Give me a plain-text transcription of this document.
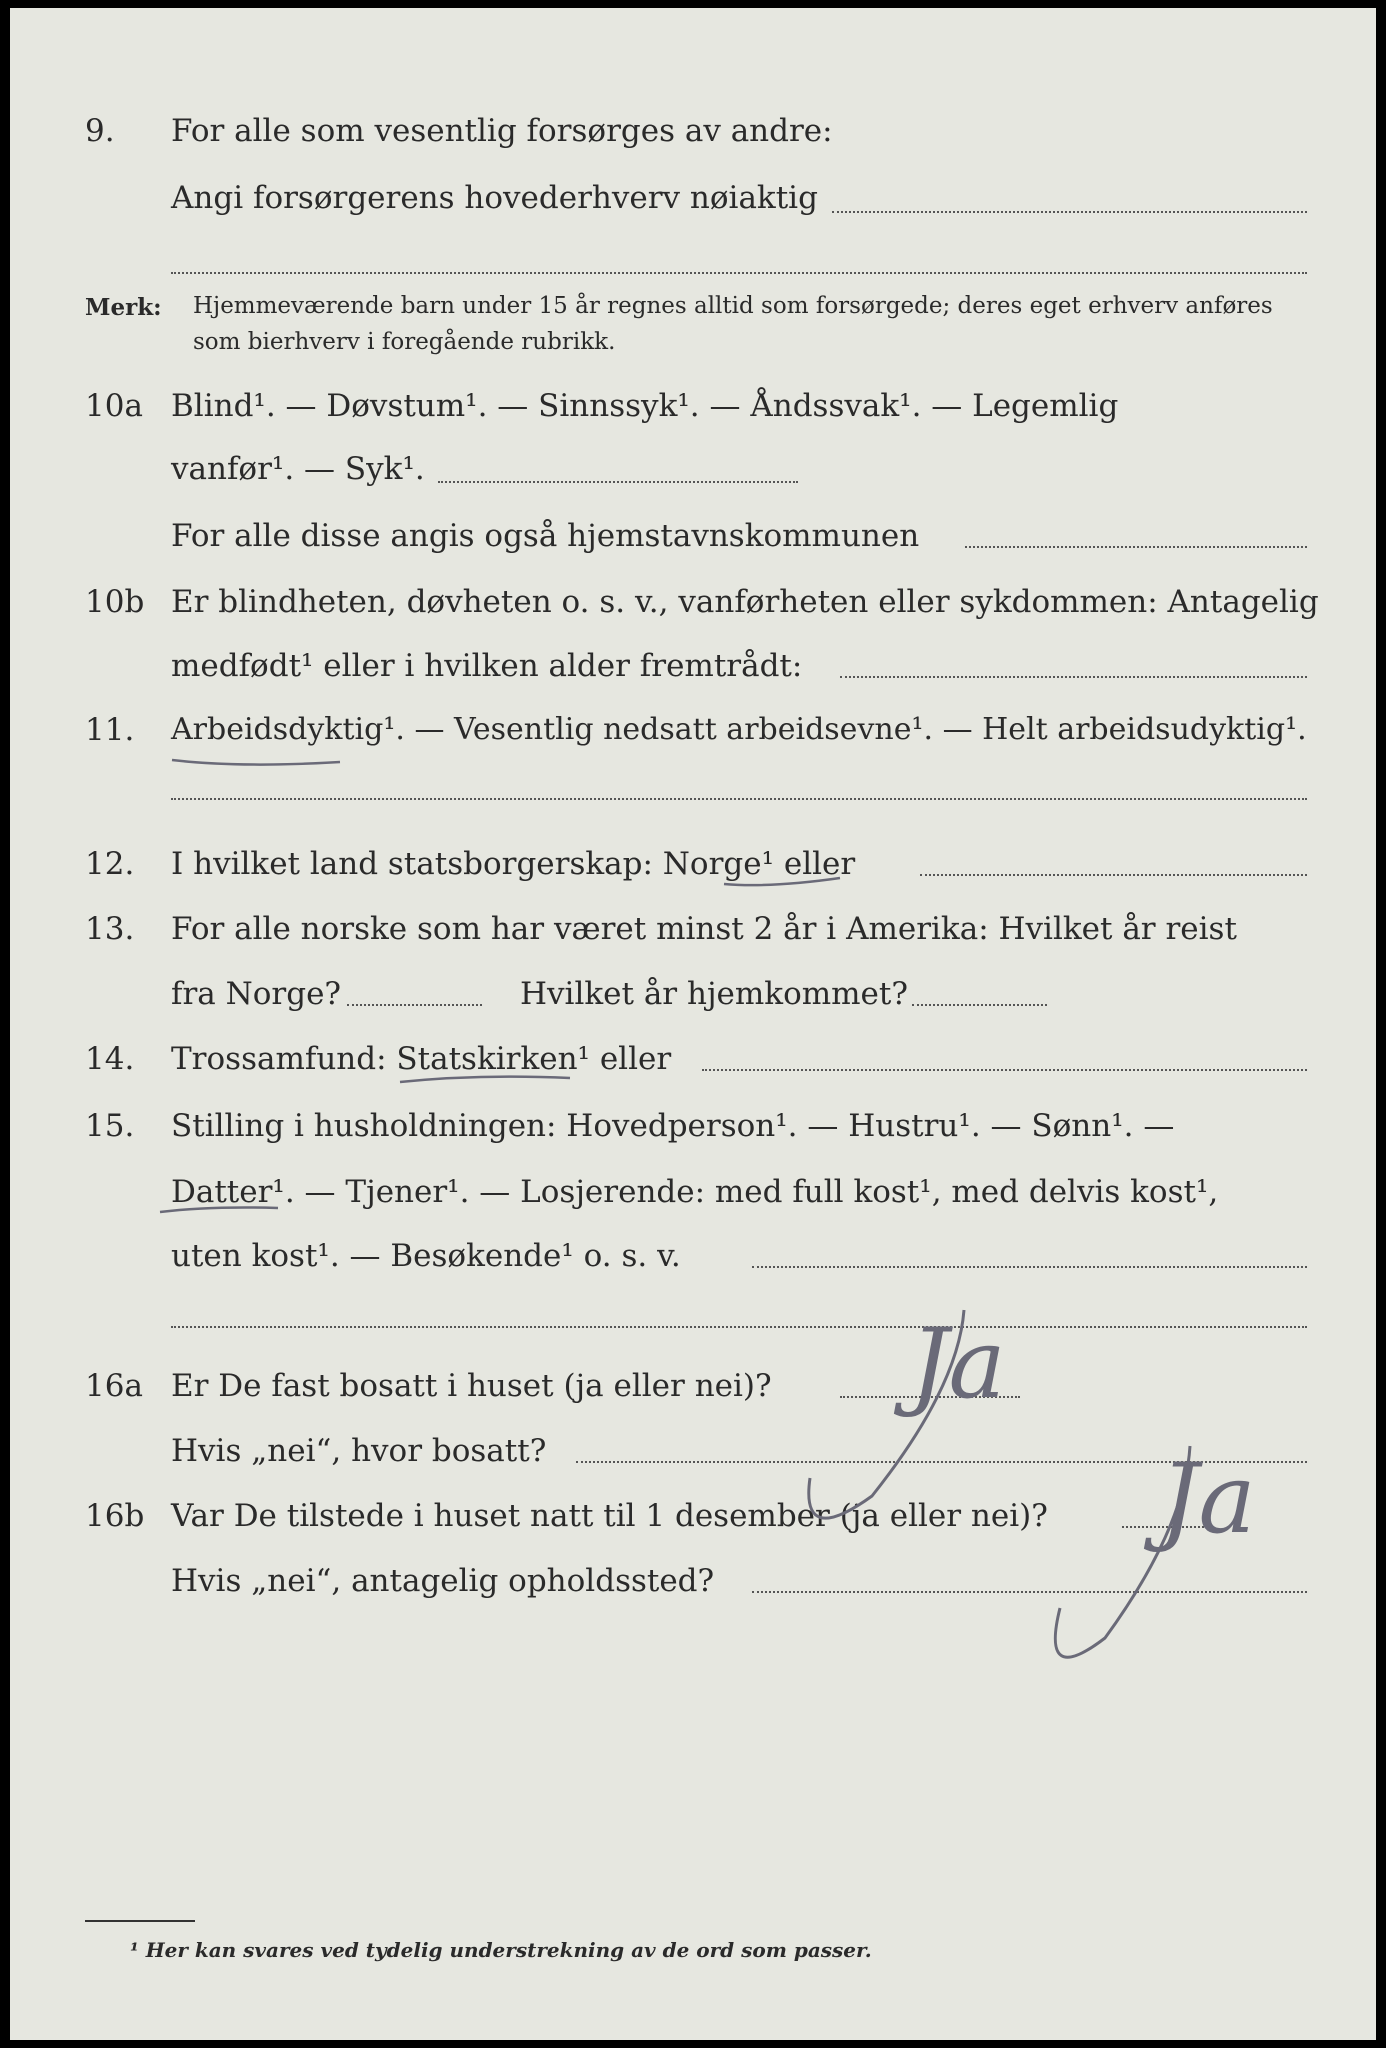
9. For alle som vesentlig forsørges av andre:
Angi forsørgerens hovederhverv nøiaktig
Merk: Hjemmeværende barn under 15 år regnes alltid som forsørgede; deres eget erhverv anføres som bierhverv i foregående rubrikk.
10a Blind¹. — Døvstum¹. — Sinnssyk¹. — Åndssvak¹. — Legemlig
vanfør¹. — Syk¹.
For alle disse angis også hjemstavnskommunen
10b Er blindheten, døvheten o. s. v., vanførheten eller sykdommen: Antagelig
medfødt¹ eller i hvilken alder fremtrådt:
11. Arbeidsdyktig¹. — Vesentlig nedsatt arbeidsevne¹. — Helt arbeidsudyktig¹.
12. I hvilket land statsborgerskap: Norge¹ eller
13. For alle norske som har været minst 2 år i Amerika: Hvilket år reist
fra Norge?	Hvilket år hjemkommet?
14. Trossamfund: Statskirken¹ eller
15. Stilling i husholdningen: Hovedperson¹. — Hustru¹. — Sønn¹. —
Datter¹. — Tjener¹. — Losjerende: med full kost¹, med delvis kost¹,
uten kost¹. — Besøkende¹ o. s. v.
16a Er De fast bosatt i huset (ja eller nei)?
Hvis „nei“, hvor bosatt?
16b Var De tilstede i huset natt til 1 desember (ja eller nei)?
Hvis „nei“, antagelig opholdssted?
Ja
Ja
¹ Her kan svares ved tydelig understrekning av de ord som passer.
